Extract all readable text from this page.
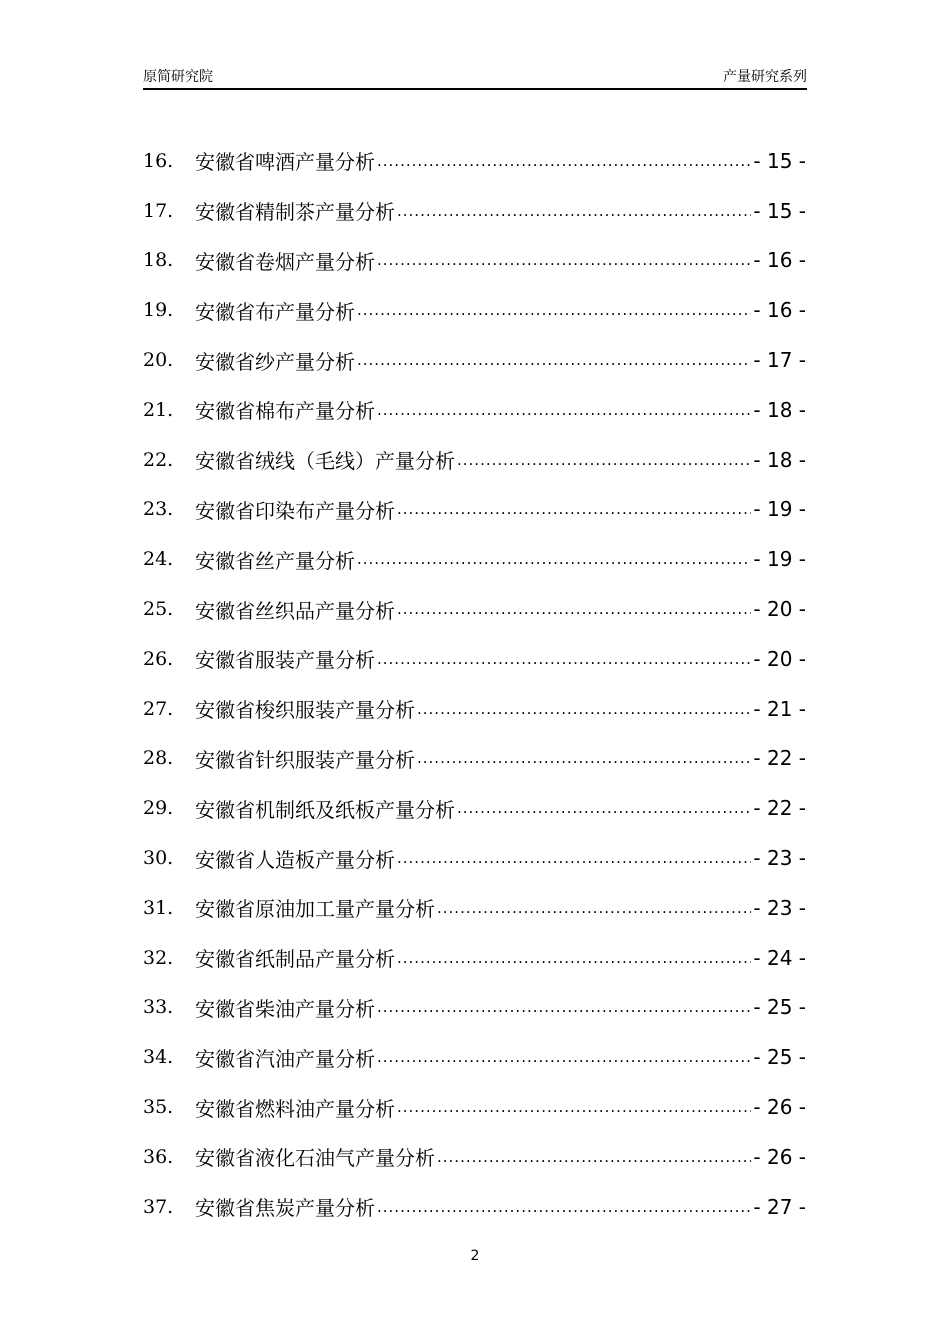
原简研究院	产量研究系列
16.	安徽省啤酒产量分析 .....	- 15 -
17.	安徽省精制茶产量分析 .....	- 15 -
18.	安徽省卷烟产量分析 .....	- 16 -
19.	安徽省布产量分析 .....	- 16 -
20.	安徽省纱产量分析 .....	- 17 -
21.	安徽省棉布产量分析 .....	- 18 -
22.	安徽省绒线（毛线）产量分析 .....	- 18 -
23.	安徽省印染布产量分析 .....	- 19 -
24.	安徽省丝产量分析 .....	- 19 -
25.	安徽省丝织品产量分析 .....	- 20 -
26.	安徽省服装产量分析 .....	- 20 -
27.	安徽省梭织服装产量分析 .....	- 21 -
28.	安徽省针织服装产量分析 .....	- 22 -
29.	安徽省机制纸及纸板产量分析 .....	- 22 -
30.	安徽省人造板产量分析 .....	- 23 -
31.	安徽省原油加工量产量分析 .....	- 23 -
32.	安徽省纸制品产量分析 .....	- 24 -
33.	安徽省柴油产量分析 .....	- 25 -
34.	安徽省汽油产量分析 .....	- 25 -
35.	安徽省燃料油产量分析 .....	- 26 -
36.	安徽省液化石油气产量分析 .....	- 26 -
37.	安徽省焦炭产量分析 .....	- 27 -
2
